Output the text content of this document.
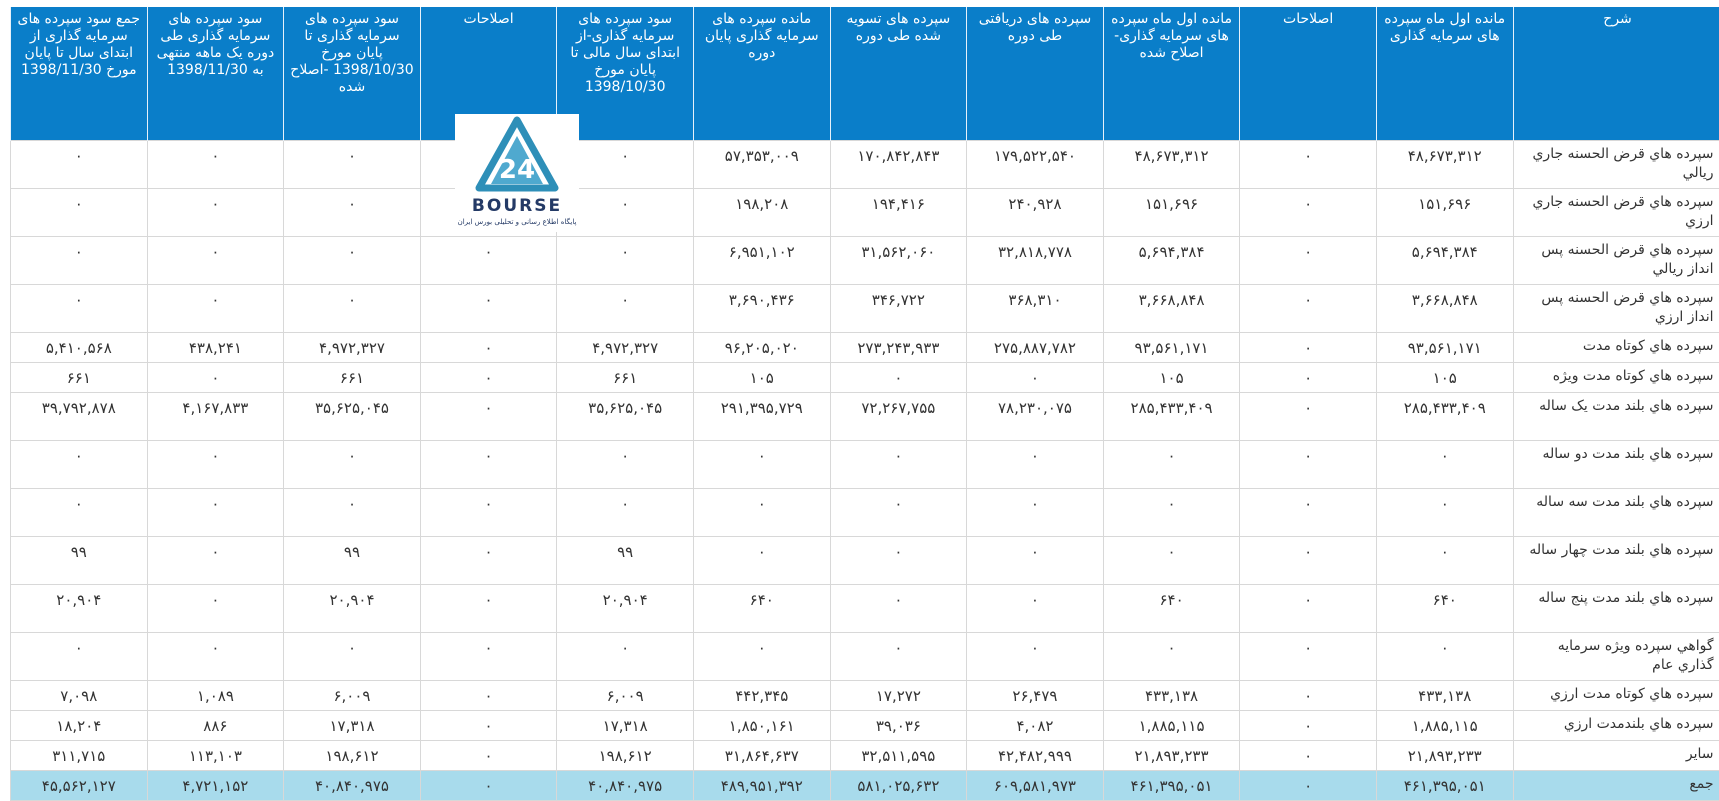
شرح	مانده اول ماه سپرده های سرمایه گذاری	اصلاحات	مانده اول ماه سپرده های سرمایه گذاری-اصلاح شده	سپرده های دریافتی طی دوره	سپرده های تسویه شده طی دوره	مانده سپرده های سرمایه گذاری پایان دوره	سود سپرده های سرمایه گذاری-از ابتدای سال مالی تا پایان مورخ 1398/10/30	اصلاحات	سود سپرده های سرمایه گذاری تا پایان مورخ 1398/10/30 -اصلاح شده	سود سپرده های سرمایه گذاری طی دوره یک ماهه منتهی به 1398/11/30	جمع سود سپرده های سرمایه گذاری از ابتدای سال تا پایان مورخ 1398/11/30
سپرده هاي قرض الحسنه جاري ريالي	۴۸,۶۷۳,۳۱۲	۰	۴۸,۶۷۳,۳۱۲	۱۷۹,۵۲۲,۵۴۰	۱۷۰,۸۴۲,۸۴۳	۵۷,۳۵۳,۰۰۹	۰		۰	۰	۰
سپرده هاي قرض الحسنه جاري ارزي	۱۵۱,۶۹۶	۰	۱۵۱,۶۹۶	۲۴۰,۹۲۸	۱۹۴,۴۱۶	۱۹۸,۲۰۸	۰		۰	۰	۰
سپرده هاي قرض الحسنه پس انداز ريالي	۵,۶۹۴,۳۸۴	۰	۵,۶۹۴,۳۸۴	۳۲,۸۱۸,۷۷۸	۳۱,۵۶۲,۰۶۰	۶,۹۵۱,۱۰۲	۰	۰	۰	۰	۰
سپرده هاي قرض الحسنه پس انداز ارزي	۳,۶۶۸,۸۴۸	۰	۳,۶۶۸,۸۴۸	۳۶۸,۳۱۰	۳۴۶,۷۲۲	۳,۶۹۰,۴۳۶	۰	۰	۰	۰	۰
سپرده هاي كوتاه مدت	۹۳,۵۶۱,۱۷۱	۰	۹۳,۵۶۱,۱۷۱	۲۷۵,۸۸۷,۷۸۲	۲۷۳,۲۴۳,۹۳۳	۹۶,۲۰۵,۰۲۰	۴,۹۷۲,۳۲۷	۰	۴,۹۷۲,۳۲۷	۴۳۸,۲۴۱	۵,۴۱۰,۵۶۸
سپرده هاي كوتاه مدت ويژه	۱۰۵	۰	۱۰۵	۰	۰	۱۰۵	۶۶۱	۰	۶۶۱	۰	۶۶۱
سپرده هاي بلند مدت يک ساله	۲۸۵,۴۳۳,۴۰۹	۰	۲۸۵,۴۳۳,۴۰۹	۷۸,۲۳۰,۰۷۵	۷۲,۲۶۷,۷۵۵	۲۹۱,۳۹۵,۷۲۹	۳۵,۶۲۵,۰۴۵	۰	۳۵,۶۲۵,۰۴۵	۴,۱۶۷,۸۳۳	۳۹,۷۹۲,۸۷۸
سپرده هاي بلند مدت دو ساله	۰	۰	۰	۰	۰	۰	۰	۰	۰	۰	۰
سپرده هاي بلند مدت سه ساله	۰	۰	۰	۰	۰	۰	۰	۰	۰	۰	۰
سپرده هاي بلند مدت چهار ساله	۰	۰	۰	۰	۰	۰	۹۹	۰	۹۹	۰	۹۹
سپرده هاي بلند مدت پنج ساله	۶۴۰	۰	۶۴۰	۰	۰	۶۴۰	۲۰,۹۰۴	۰	۲۰,۹۰۴	۰	۲۰,۹۰۴
گواهي سپرده ويژه سرمايه گذاري عام	۰	۰	۰	۰	۰	۰	۰	۰	۰	۰	۰
سپرده هاي كوتاه مدت ارزي	۴۳۳,۱۳۸	۰	۴۳۳,۱۳۸	۲۶,۴۷۹	۱۷,۲۷۲	۴۴۲,۳۴۵	۶,۰۰۹	۰	۶,۰۰۹	۱,۰۸۹	۷,۰۹۸
سپرده هاي بلندمدت ارزي	۱,۸۸۵,۱۱۵	۰	۱,۸۸۵,۱۱۵	۴,۰۸۲	۳۹,۰۳۶	۱,۸۵۰,۱۶۱	۱۷,۳۱۸	۰	۱۷,۳۱۸	۸۸۶	۱۸,۲۰۴
ساير	۲۱,۸۹۳,۲۳۳	۰	۲۱,۸۹۳,۲۳۳	۴۲,۴۸۲,۹۹۹	۳۲,۵۱۱,۵۹۵	۳۱,۸۶۴,۶۳۷	۱۹۸,۶۱۲	۰	۱۹۸,۶۱۲	۱۱۳,۱۰۳	۳۱۱,۷۱۵
جمع	۴۶۱,۳۹۵,۰۵۱	۰	۴۶۱,۳۹۵,۰۵۱	۶۰۹,۵۸۱,۹۷۳	۵۸۱,۰۲۵,۶۳۲	۴۸۹,۹۵۱,۳۹۲	۴۰,۸۴۰,۹۷۵	۰	۴۰,۸۴۰,۹۷۵	۴,۷۲۱,۱۵۲	۴۵,۵۶۲,۱۲۷
24
BOURSE
پایگاه اطلاع رسانی و تحلیلی بورس ایران
